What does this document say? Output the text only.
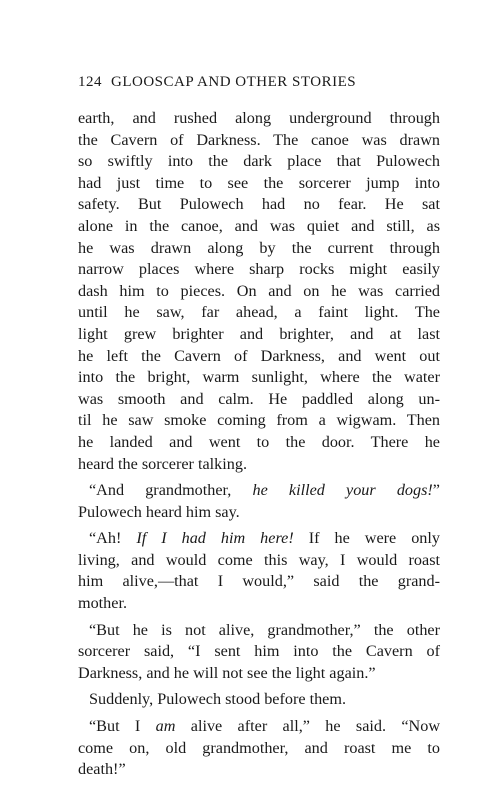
124 GLOOSCAP AND OTHER STORIES
earth, and rushed along underground through
the Cavern of Darkness. The canoe was drawn
so swiftly into the dark place that Pulowech
had just time to see the sorcerer jump into
safety. But Pulowech had no fear. He sat
alone in the canoe, and was quiet and still, as
he was drawn along by the current through
narrow places where sharp rocks might easily
dash him to pieces. On and on he was carried
until he saw, far ahead, a faint light. The
light grew brighter and brighter, and at last
he left the Cavern of Darkness, and went out
into the bright, warm sunlight, where the water
was smooth and calm. He paddled along un-
til he saw smoke coming from a wigwam. Then
he landed and went to the door. There he
heard the sorcerer talking.
“And grandmother, he killed your dogs!”
Pulowech heard him say.
“Ah! If I had him here! If he were only
living, and would come this way, I would roast
him alive,—that I would,” said the grand-
mother.
“But he is not alive, grandmother,” the other
sorcerer said, “I sent him into the Cavern of
Darkness, and he will not see the light again.”
Suddenly, Pulowech stood before them.
“But I am alive after all,” he said. “Now
come on, old grandmother, and roast me to
death!”
